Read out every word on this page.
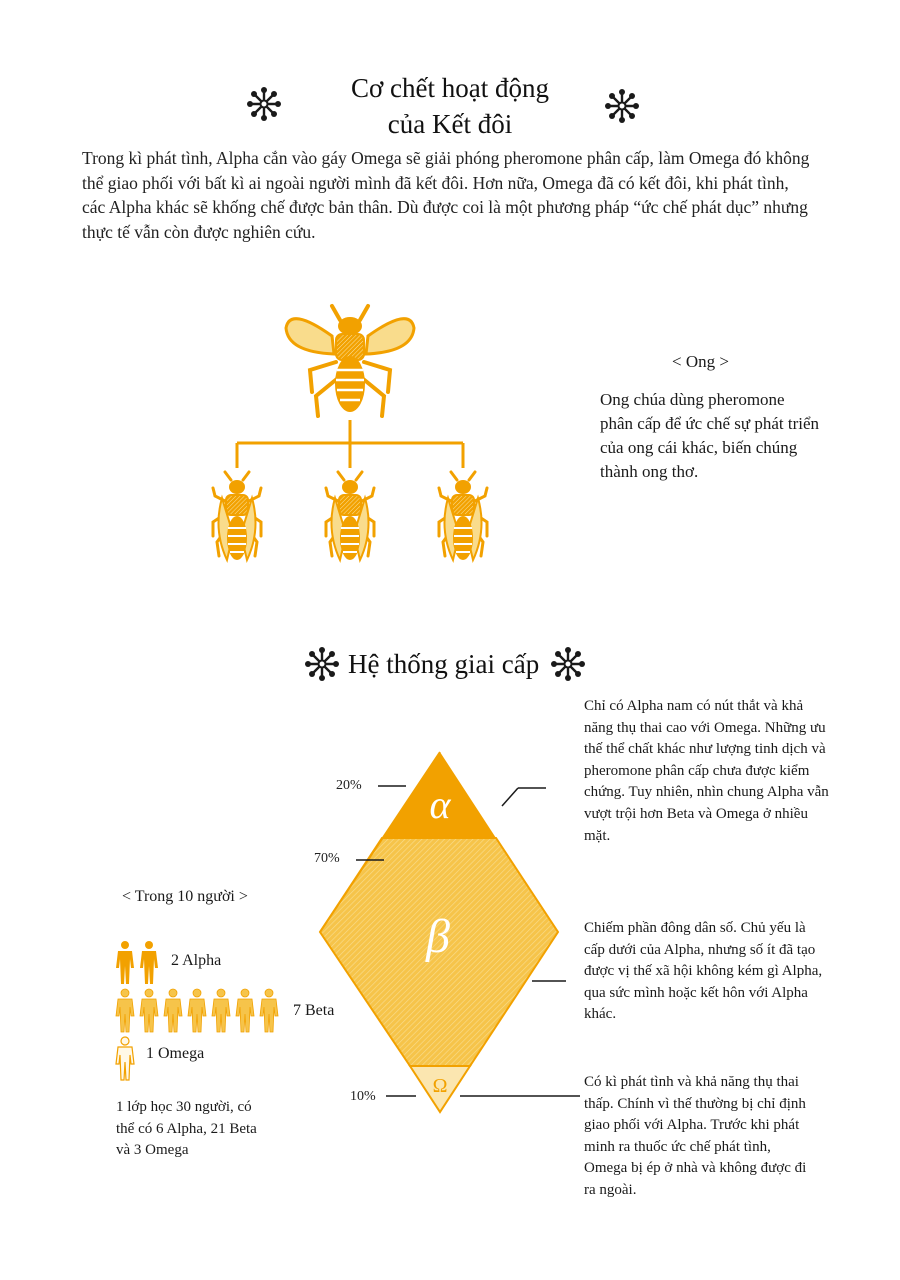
Cơ chết hoạt động
của Kết đôi
Trong kì phát tình, Alpha cắn vào gáy Omega sẽ giải phóng pheromone phân cấp, làm Omega đó không thể giao phối với bất kì ai ngoài người mình đã kết đôi. Hơn nữa, Omega đã có kết đôi, khi phát tình, các Alpha khác sẽ khống chế được bản thân. Dù được coi là một phương pháp “ức chế phát dục” nhưng thực tế vẫn còn được nghiên cứu.
< Ong >
Ong chúa dùng pheromone phân cấp để ức chế sự phát triển của ong cái khác, biến chúng thành ong thơ.
Hệ thống giai cấp
α
β
Ω
20%
70%
10%
Chỉ có Alpha nam có nút thắt và khả năng thụ thai cao với Omega. Những ưu thế thể chất khác như lượng tinh dịch và pheromone phân cấp chưa được kiểm chứng. Tuy nhiên, nhìn chung Alpha vẫn vượt trội hơn Beta và Omega ở nhiều mặt.
Chiếm phần đông dân số. Chủ yếu là cấp dưới của Alpha, nhưng số ít đã tạo được vị thế xã hội không kém gì Alpha, qua sức mình hoặc kết hôn với Alpha khác.
Có kì phát tình và khả năng thụ thai thấp. Chính vì thế thường bị chỉ định giao phối với Alpha. Trước khi phát minh ra thuốc ức chế phát tình, Omega bị ép ở nhà và không được đi ra ngoài.
< Trong 10 người >
2 Alpha
7 Beta
1 Omega
1 lớp học 30 người, có thể có 6 Alpha, 21 Beta và 3 Omega
